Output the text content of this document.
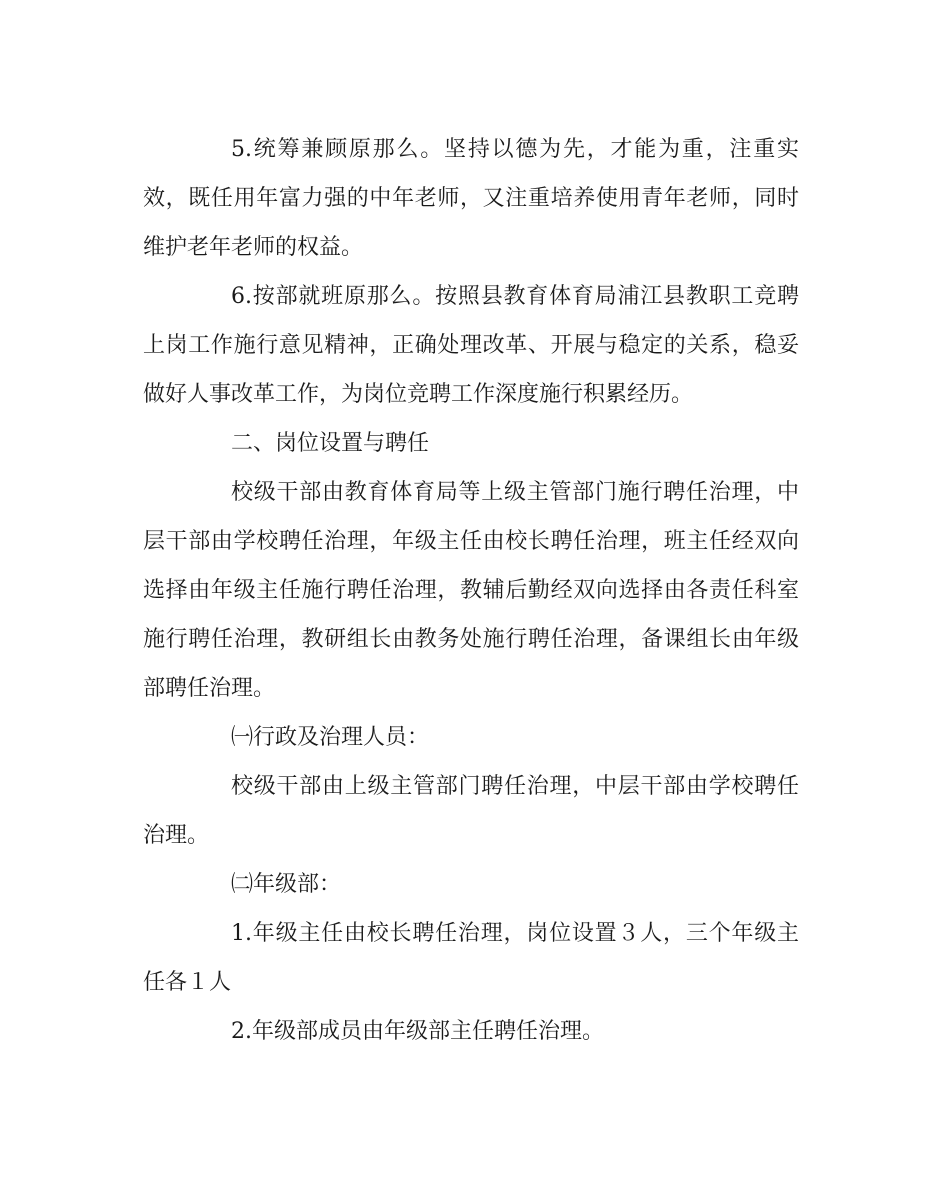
5.统筹兼顾原那么。坚持以德为先，才能为重，注重实效，既任用年富力强的中年老师，又注重培养使用青年老师，同时维护老年老师的权益。

6.按部就班原那么。按照县教育体育局浦江县教职工竞聘上岗工作施行意见精神，正确处理改革、开展与稳定的关系，稳妥做好人事改革工作，为岗位竞聘工作深度施行积累经历。

二、岗位设置与聘任

校级干部由教育体育局等上级主管部门施行聘任治理，中层干部由学校聘任治理，年级主任由校长聘任治理，班主任经双向选择由年级主任施行聘任治理，教辅后勤经双向选择由各责任科室施行聘任治理，教研组长由教务处施行聘任治理，备课组长由年级部聘任治理。

㈠行政及治理人员：

校级干部由上级主管部门聘任治理，中层干部由学校聘任治理。

㈡年级部：

1.年级主任由校长聘任治理，岗位设置３人，三个年级主任各１人

2.年级部成员由年级部主任聘任治理。
